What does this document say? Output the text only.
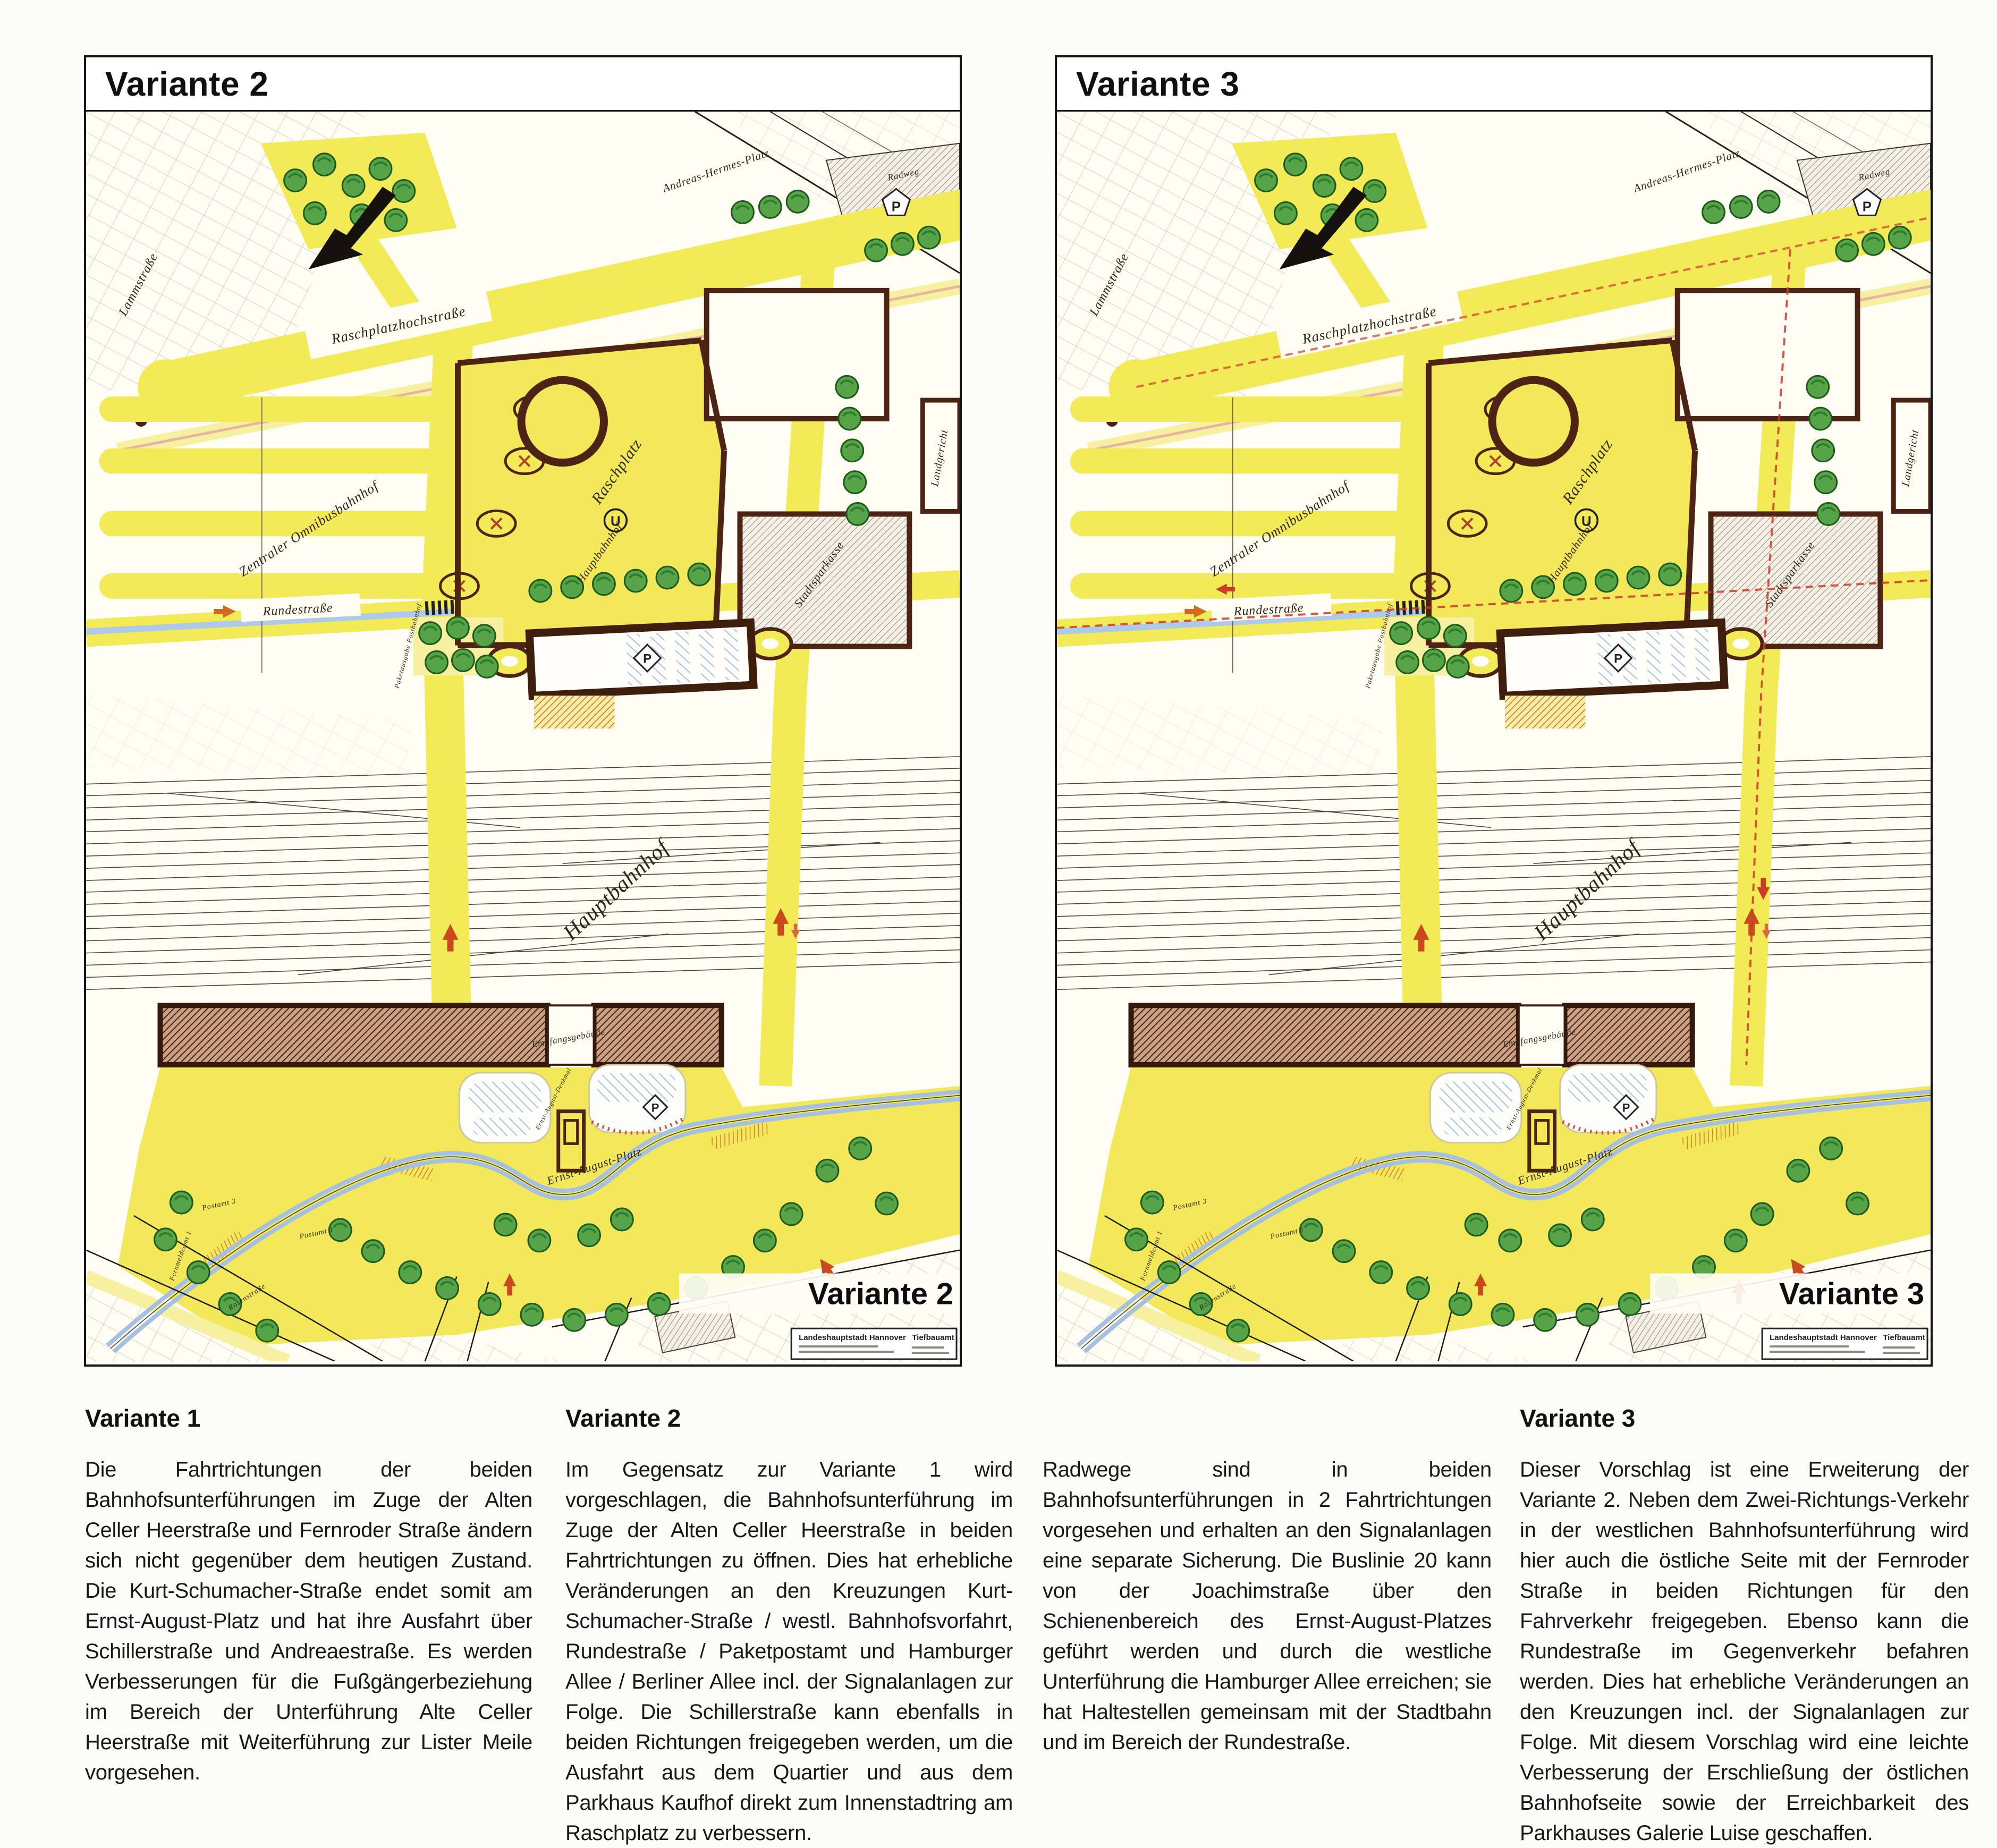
Variante 2
Variante 2
Variante 3
Variante 3
Variante 1

Die Fahrtrichtungen der beiden Bahnhofsunterführungen im Zuge der Alten Celler Heerstraße und Fernroder Straße ändern sich nicht gegenüber dem heutigen Zustand. Die Kurt-Schumacher-Straße endet somit am Ernst-August-Platz und hat ihre Ausfahrt über Schillerstraße und Andreaestraße. Es werden Verbesserungen für die Fußgängerbeziehung im Bereich der Unterführung Alte Celler Heerstraße mit Weiterführung zur Lister Meile vorgesehen.

Variante 2

Im Gegensatz zur Variante 1 wird vorgeschlagen, die Bahnhofsunterführung im Zuge der Alten Celler Heerstraße in beiden Fahrtrichtungen zu öffnen. Dies hat erhebliche Veränderungen an den Kreuzungen Kurt-Schumacher-Straße / westl. Bahnhofsvorfahrt, Rundestraße / Paketpostamt und Hamburger Allee / Berliner Allee incl. der Signalanlagen zur Folge. Die Schillerstraße kann ebenfalls in beiden Richtungen freigegeben werden, um die Ausfahrt aus dem Quartier und aus dem Parkhaus Kaufhof direkt zum Innenstadtring am Raschplatz zu verbessern.

Radwege sind in beiden Bahnhofsunterführungen in 2 Fahrtrichtungen vorgesehen und erhalten an den Signalanlagen eine separate Sicherung. Die Buslinie 20 kann von der Joachimstraße über den Schienenbereich des Ernst-August-Platzes geführt werden und durch die westliche Unterführung die Hamburger Allee erreichen; sie hat Haltestellen gemeinsam mit der Stadtbahn und im Bereich der Rundestraße.

Variante 3

Dieser Vorschlag ist eine Erweiterung der Variante 2. Neben dem Zwei-Richtungs-Verkehr in der westlichen Bahnhofsunterführung wird hier auch die östliche Seite mit der Fernroder Straße in beiden Richtungen für den Fahrverkehr freigegeben. Ebenso kann die Rundestraße im Gegenverkehr befahren werden. Dies hat erhebliche Veränderungen an den Kreuzungen incl. der Signalanlagen zur Folge. Mit diesem Vorschlag wird eine leichte Verbesserung der Erschließung der östlichen Bahnhofseite sowie der Erreichbarkeit des Parkhauses Galerie Luise geschaffen.
